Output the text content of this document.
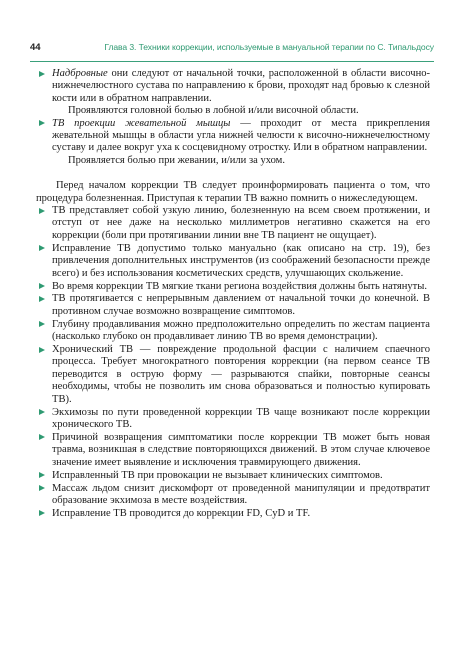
44	Глава 3. Техники коррекции, используемые в мануальной терапии по С. Типальдосу
Надбровные они следуют от начальной точки, расположенной в области височно-нижнечелюстного сустава по направлению к брови, проходят над бровью к слезной кости или в обратном направлении.
Проявляются головной болью в лобной и/или височной области.
ТВ проекции жевательной мышцы — проходит от места прикрепления жевательной мышцы в области угла нижней челюсти к височно-нижнечелюстному суставу и далее вокруг уха к сосцевидному отростку. Или в обратном направлении.
Проявляется болью при жевании, и/или за ухом.
Перед началом коррекции ТВ следует проинформировать пациента о том, что процедура болезненная. Приступая к терапии ТВ важно помнить о нижеследующем.
ТВ представляет собой узкую линию, болезненную на всем своем протяжении, и отступ от нее даже на несколько миллиметров негативно скажется на его коррекции (боли при протягивании линии вне ТВ пациент не ощущает).
Исправление ТВ допустимо только мануально (как описано на стр. 19), без привлечения дополнительных инструментов (из соображений безопасности прежде всего) и без использования косметических средств, улучшающих скольжение.
Во время коррекции ТВ мягкие ткани региона воздействия должны быть натянуты.
ТВ протягивается с непрерывным давлением от начальной точки до конечной. В противном случае возможно возвращение симптомов.
Глубину продавливания можно предположительно определить по жестам пациента (насколько глубоко он продавливает линию ТВ во время демонстрации).
Хронический ТВ — повреждение продольной фасции с наличием спаечного процесса. Требует многократного повторения коррекции (на первом сеансе ТВ переводится в острую форму — разрываются спайки, повторные сеансы необходимы, чтобы не позволить им снова образоваться и полностью купировать ТВ).
Экхимозы по пути проведенной коррекции ТВ чаще возникают после коррекции хронического ТВ.
Причиной возвращения симптоматики после коррекции ТВ может быть новая травма, возникшая в следствие повторяющихся движений. В этом случае ключевое значение имеет выявление и исключения травмирующего движения.
Исправленный ТВ при провокации не вызывает клинических симптомов.
Массаж льдом снизит дискомфорт от проведенной манипуляции и предотвратит образование экхимоза в месте воздействия.
Исправление ТВ проводится до коррекции FD, CyD и TF.
